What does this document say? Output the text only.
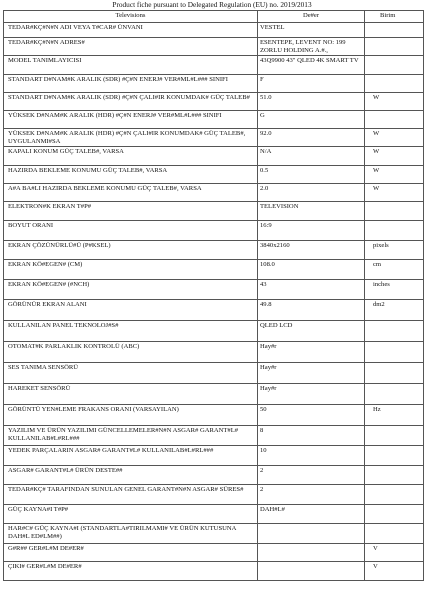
Product fiche pursuant to Delegated Regulation (EU) no. 2019/2013
Televisions	De#er	Birim
TEDAR#KÇ#N#N ADI VEYA T#CAR# ÜNVANI	VESTEL	
TEDAR#KÇ#N#N ADRES#	ESENTEPE, LEVENT NO: 199 ZORLU HOLDING A.#.,	
MODEL TANIMLAYICISI	43Q9900 43" QLED 4K SMART TV	
STANDART D#NAM#K ARALIK (SDR) #Ç#N ENERJ# VER#ML#L### SINIFI	F	
STANDART D#NAM#K ARALIK (SDR) #Ç#N ÇALI#IR KONUMDAK# GÜÇ TALEB#	51.0	W
YÜKSEK D#NAM#K ARALIK (HDR) #Ç#N ENERJ# VER#ML#L### SINIFI	G	
YÜKSEK D#NAM#K ARALIK (HDR) #Ç#N ÇALI#IR KONUMDAK# GÜÇ TALEB#, UYGULANMI#SA	92.0	W
KAPALI KONUM GÜÇ TALEB#, VARSA	N/A	W
HAZIRDA BEKLEME KONUMU GÜÇ TALEB#, VARSA	0.5	W
A#A BA#LI HAZIRDA BEKLEME KONUMU GÜÇ TALEB#, VARSA	2.0	W
ELEKTRON#K EKRAN T#P#	TELEVISION	
BOYUT ORANI	16:9	
EKRAN ÇÖZÜNÜRLÜ#Ü (P#KSEL)	3840x2160	pixels
EKRAN KÖ#EGEN# (CM)	108.0	cm
EKRAN KÖ#EGEN# (#NCH)	43	inches
GÖRÜNÜR EKRAN ALANI	49.8	dm2
KULLANILAN PANEL TEKNOLOJ#S#	QLED LCD	
OTOMAT#K PARLAKLIK KONTROLÜ (ABC)	Hay#r	
SES TANIMA SENSÖRÜ	Hay#r	
HAREKET SENSÖRÜ	Hay#r	
GÖRÜNTÜ YEN#LEME FRAKANS ORANI (VARSAYILAN)	50	Hz
YAZILIM VE ÜRÜN YAZILIMI GÜNCELLEMELER#N#N ASGAR# GARANT#L# KULLANILAB#L#RL###	8	
YEDEK PARÇALARIN ASGAR# GARANT#L# KULLANILAB#L#RL###	10	
ASGAR# GARANT#L# ÜRÜN DESTE##	2	
TEDAR#KÇ# TARAFINDAN SUNULAN GENEL GARANT#N#N ASGAR# SÜRES#	2	
GÜÇ KAYNA#I T#P#	DAH#L#	
HAR#C# GÜÇ KAYNA#I (STANDARTLA#TIRILMAMI# VE ÜRÜN KUTUSUNA DAH#L ED#LM##)		
G#R## GER#L#M DE#ER#		V
ÇIKI# GER#L#M DE#ER#		V
